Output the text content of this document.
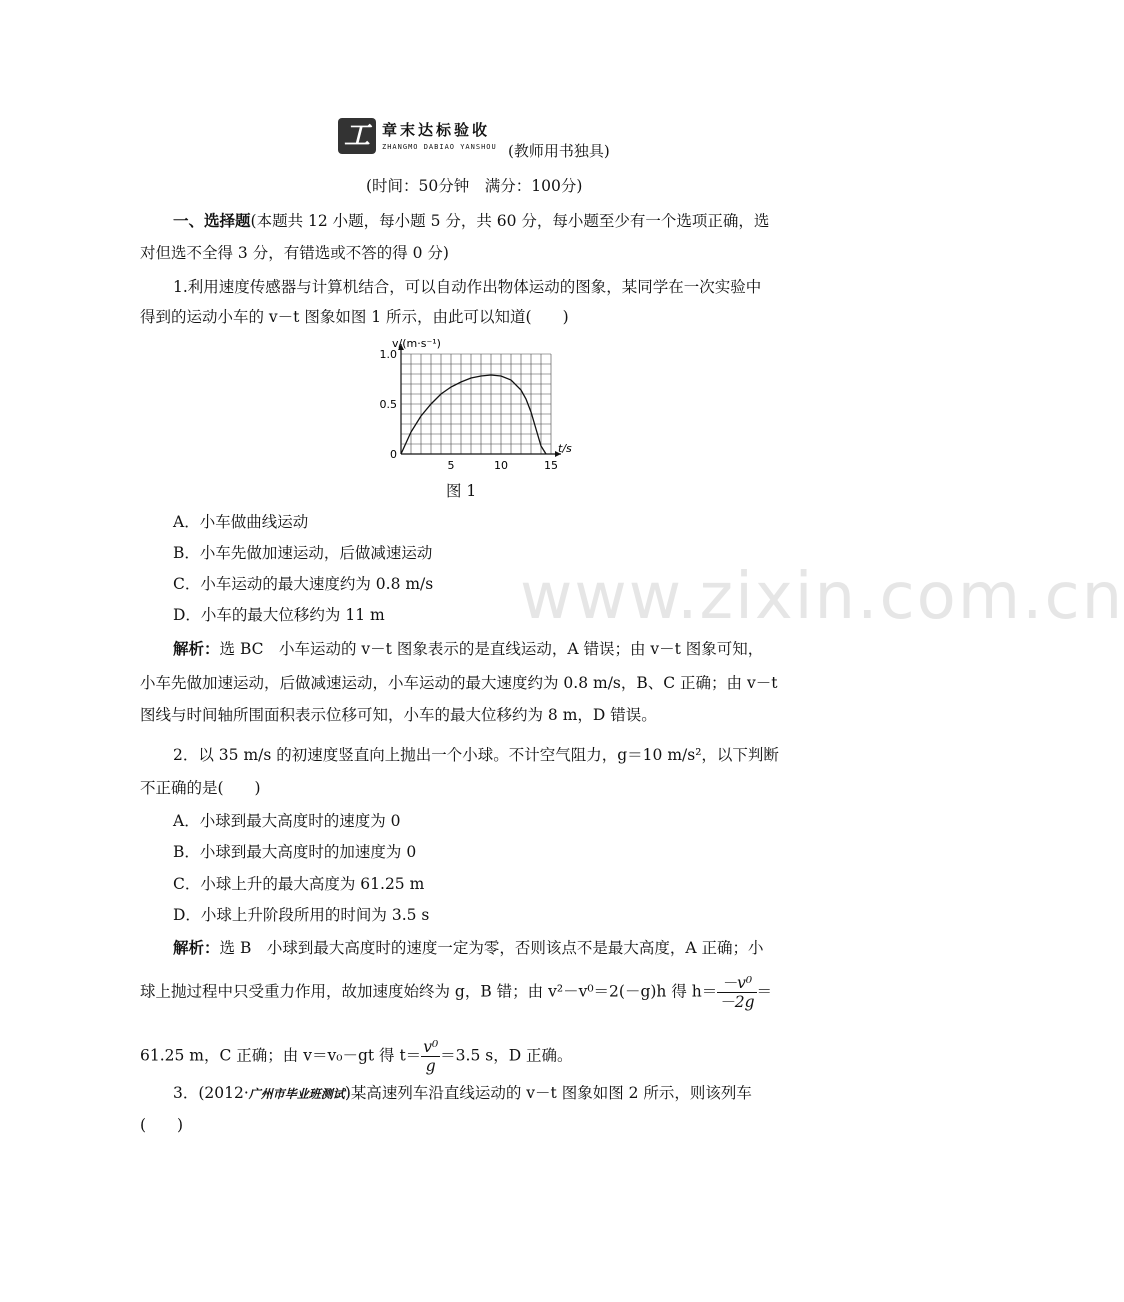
工 章末达标验收
ZHANGMO DABIAO YANSHOU (教师用书独具)
(时间：50分钟　满分：100分)
www.zixin.com.cn
一、选择题(本题共 12 小题，每小题 5 分，共 60 分，每小题至少有一个选项正确，选
对但选不全得 3 分，有错选或不答的得 0 分)
1.利用速度传感器与计算机结合，可以自动作出物体运动的图象，某同学在一次实验中
得到的运动小车的 v－t 图象如图 1 所示，由此可以知道(　　)
1.0
0.5
0
5	10	15
v/(m·s⁻¹)
t/s
图 1
A．小车做曲线运动
B．小车先做加速运动，后做减速运动
C．小车运动的最大速度约为 0.8 m/s
D．小车的最大位移约为 11 m
解析：选 BC　小车运动的 v－t 图象表示的是直线运动，A 错误；由 v－t 图象可知，
小车先做加速运动，后做减速运动，小车运动的最大速度约为 0.8 m/s，B、C 正确；由 v－t
图线与时间轴所围面积表示位移可知，小车的最大位移约为 8 m，D 错误。
2．以 35 m/s 的初速度竖直向上抛出一个小球。不计空气阻力，g＝10 m/s²，以下判断
不正确的是(　　)
A．小球到最大高度时的速度为 0
B．小球到最大高度时的加速度为 0
C．小球上升的最大高度为 61.25 m
D．小球上升阶段所用的时间为 3.5 s
解析：选 B　小球到最大高度时的速度一定为零，否则该点不是最大高度，A 正确；小
球上抛过程中只受重力作用，故加速度始终为 g，B 错；由 v²－v⁰＝2(－g)h 得 $h= \frac{\text{－v⁰}}{-2g}$ ＝
61.25 m，C 正确；由 v＝v₀－gt 得 $t= \frac{\text{v⁰}}{g} =3.5$ s，D 正确。
3．(2012·广州市毕业班测试)某高速列车沿直线运动的 v－t 图象如图 2 所示，则该列车
(　　)
